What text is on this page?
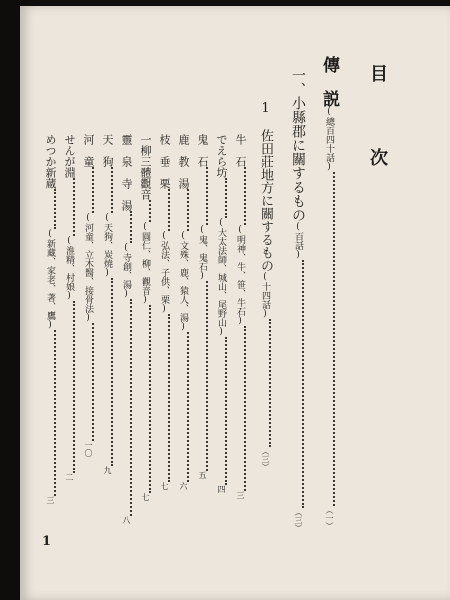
目　次
傳　説(總百四十話)（一）
一、小縣郡に關するもの(百話)（三）
1　佐田莊地方に關するもの(十四話)（三）
牛　石(明神、牛、笹、牛石)三
でえら坊(大太法師、城山、尾野山)四
鬼　石(鬼、鬼石)五
鹿　教　湯(文殊、鹿、猿人、湯)六
枝　垂　栗(弘法、子供、栗)七
一柳三體觀音(圓仁、柳、觀音)七
靈　泉　寺　湯(寺創、湯)八
天　狗(天狗、炭燒)九
河　童(河童、立木醫、接骨法)一〇
せんが淵(淮精、村娘)二
めつか新蔵(新藏、家老、著、鷹)三
1
